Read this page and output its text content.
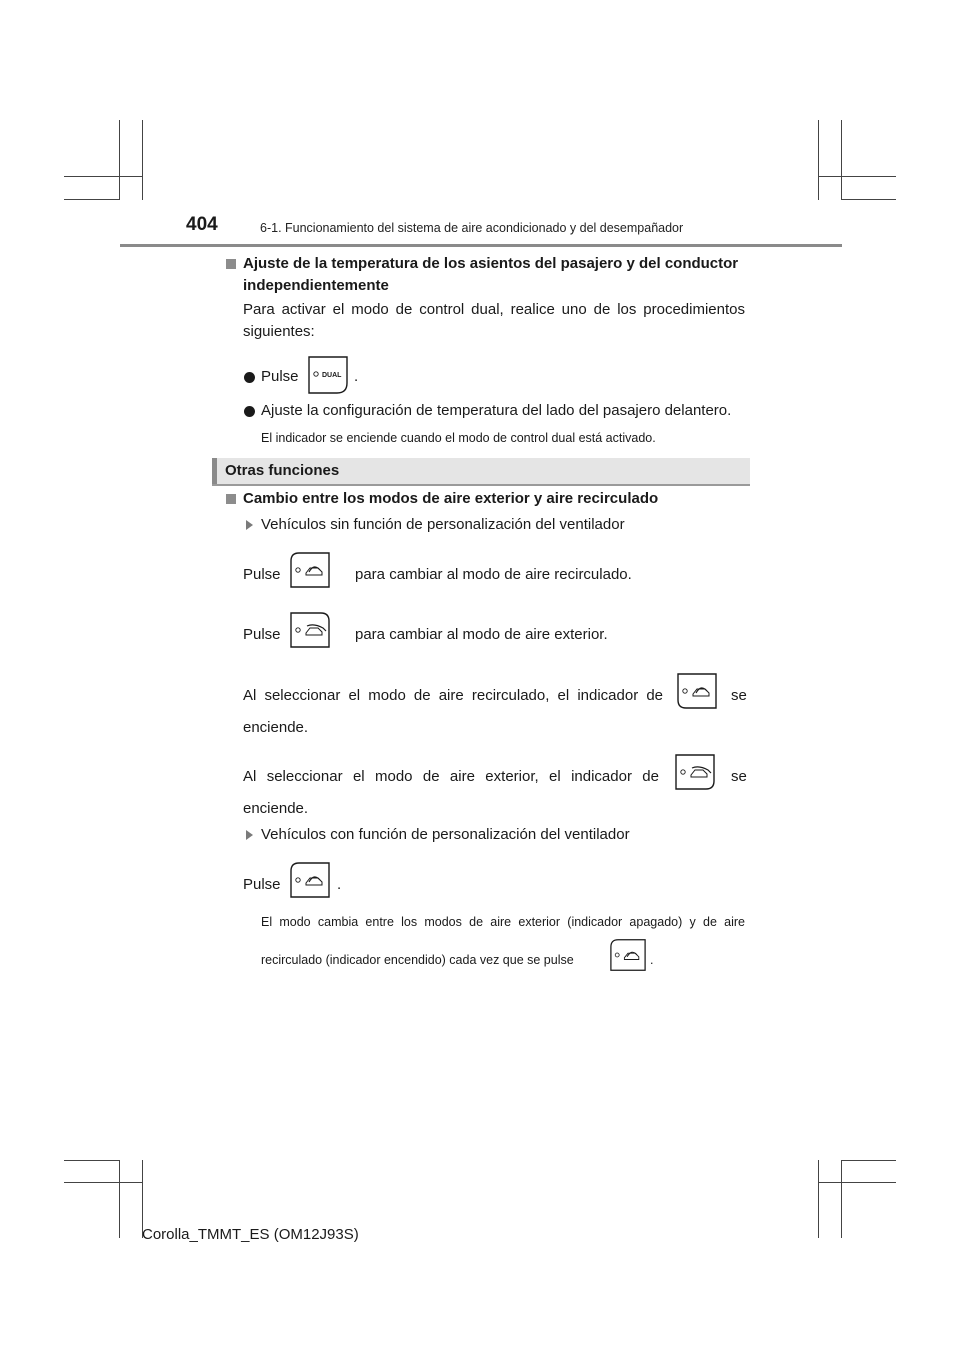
404	6-1. Funcionamiento del sistema de aire acondicionado y del desempañador
Ajuste de la temperatura de los asientos del pasajero y del conductor
independientemente
Para activar el modo de control dual, realice uno de los procedimientos
siguientes:
Pulse	DUAL .
Ajuste la configuración de temperatura del lado del pasajero delantero.
El indicador se enciende cuando el modo de control dual está activado.
Otras funciones
Cambio entre los modos de aire exterior y aire recirculado
Vehículos sin función de personalización del ventilador
Pulse	para cambiar al modo de aire recirculado.
Pulse	para cambiar al modo de aire exterior.
Al seleccionar el modo de aire recirculado, el indicador de	se
enciende.
Al seleccionar el modo de aire exterior, el indicador de	se
enciende.
Vehículos con función de personalización del ventilador
Pulse	.
El modo cambia entre los modos de aire exterior (indicador apagado) y de aire
recirculado (indicador encendido) cada vez que se pulse	.
Corolla_TMMT_ES (OM12J93S)
